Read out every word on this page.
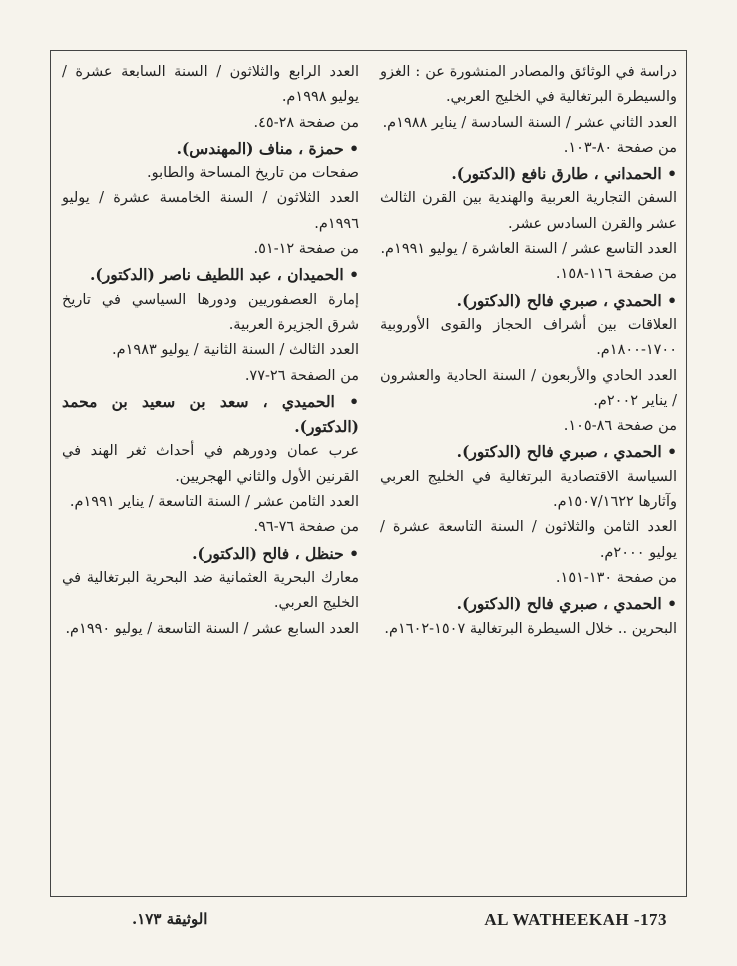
دراسة في الوثائق والمصادر المنشورة عن : الغزو والسيطرة البرتغالية في الخليج العربي.
العدد الثاني عشر / السنة السادسة / يناير ١٩٨٨م.
من صفحة ٨٠-١٠٣.
• الحمداني ، طارق نافع (الدكتور).
السفن التجارية العربية والهندية بين القرن الثالث عشر والقرن السادس عشر.
العدد التاسع عشر / السنة العاشرة / يوليو ١٩٩١م.
من صفحة ١١٦-١٥٨.
• الحمدي ، صبري فالح (الدكتور).
العلاقات بين أشراف الحجاز والقوى الأوروبية ١٧٠٠-١٨٠٠م.
العدد الحادي والأربعون / السنة الحادية والعشرون / يناير ٢٠٠٢م.
من صفحة ٨٦-١٠٥.
• الحمدي ، صبري فالح (الدكتور).
السياسة الاقتصادية البرتغالية في الخليج العربي وآثارها ١٥٠٧/١٦٢٢م.
العدد الثامن والثلاثون / السنة التاسعة عشرة / يوليو ٢٠٠٠م.
من صفحة ١٣٠-١٥١.
• الحمدي ، صبري فالح (الدكتور).
البحرين .. خلال السيطرة البرتغالية ١٥٠٧-١٦٠٢م.
العدد الرابع والثلاثون / السنة السابعة عشرة / يوليو ١٩٩٨م.
من صفحة ٢٨-٤٥.
• حمزة ، مناف (المهندس).
صفحات من تاريخ المساحة والطابو.
العدد الثلاثون / السنة الخامسة عشرة / يوليو ١٩٩٦م.
من صفحة ١٢-٥١.
• الحميدان ، عبد اللطيف ناصر (الدكتور).
إمارة العصفوريين ودورها السياسي في تاريخ شرق الجزيرة العربية.
العدد الثالث / السنة الثانية / يوليو ١٩٨٣م.
من الصفحة ٢٦-٧٧.
• الحميدي ، سعد بن سعيد بن محمد (الدكتور).
عرب عمان ودورهم في أحداث ثغر الهند في القرنين الأول والثاني الهجريين.
العدد الثامن عشر / السنة التاسعة / يناير ١٩٩١م.
من صفحة ٧٦-٩٦.
• حنظل ، فالح (الدكتور).
معارك البحرية العثمانية ضد البحرية البرتغالية في الخليج العربي.
العدد السابع عشر / السنة التاسعة / يوليو ١٩٩٠م.
الوثيقة ١٧٣.	AL WATHEEKAH -173
